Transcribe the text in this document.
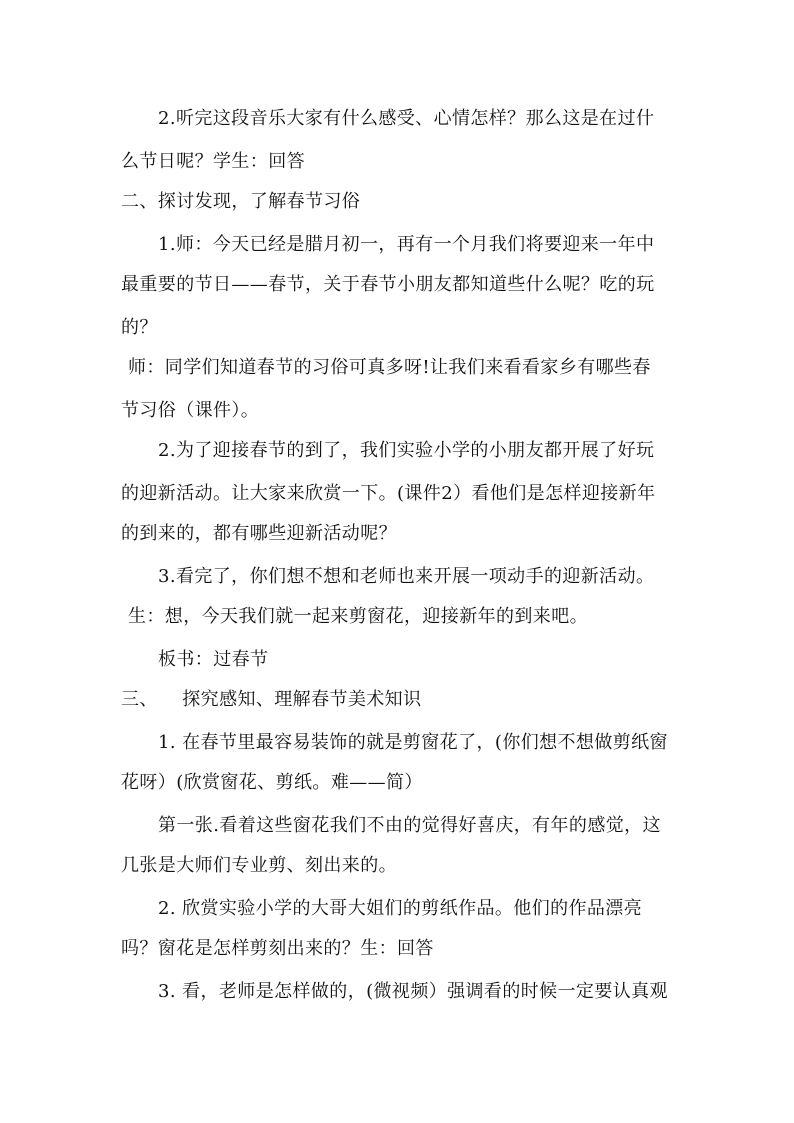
2.听完这段音乐大家有什么感受、心情怎样？那么这是在过什
么节日呢？学生：回答
二、探讨发现，了解春节习俗
1.师：今天已经是腊月初一，再有一个月我们将要迎来一年中
最重要的节日——春节，关于春节小朋友都知道些什么呢？吃的玩
的？
师：同学们知道春节的习俗可真多呀!让我们来看看家乡有哪些春
节习俗（课件）。
2.为了迎接春节的到了，我们实验小学的小朋友都开展了好玩
的迎新活动。让大家来欣赏一下。(课件2）看他们是怎样迎接新年
的到来的，都有哪些迎新活动呢？
3.看完了，你们想不想和老师也来开展一项动手的迎新活动。
生：想，今天我们就一起来剪窗花，迎接新年的到来吧。
板书：过春节
三、    探究感知、理解春节美术知识
1. 在春节里最容易装饰的就是剪窗花了，(你们想不想做剪纸窗
花呀）(欣赏窗花、剪纸。难——简）
第一张.看着这些窗花我们不由的觉得好喜庆，有年的感觉，这
几张是大师们专业剪、刻出来的。
2. 欣赏实验小学的大哥大姐们的剪纸作品。他们的作品漂亮
吗？窗花是怎样剪刻出来的？生：回答
3. 看，老师是怎样做的，(微视频）强调看的时候一定要认真观
